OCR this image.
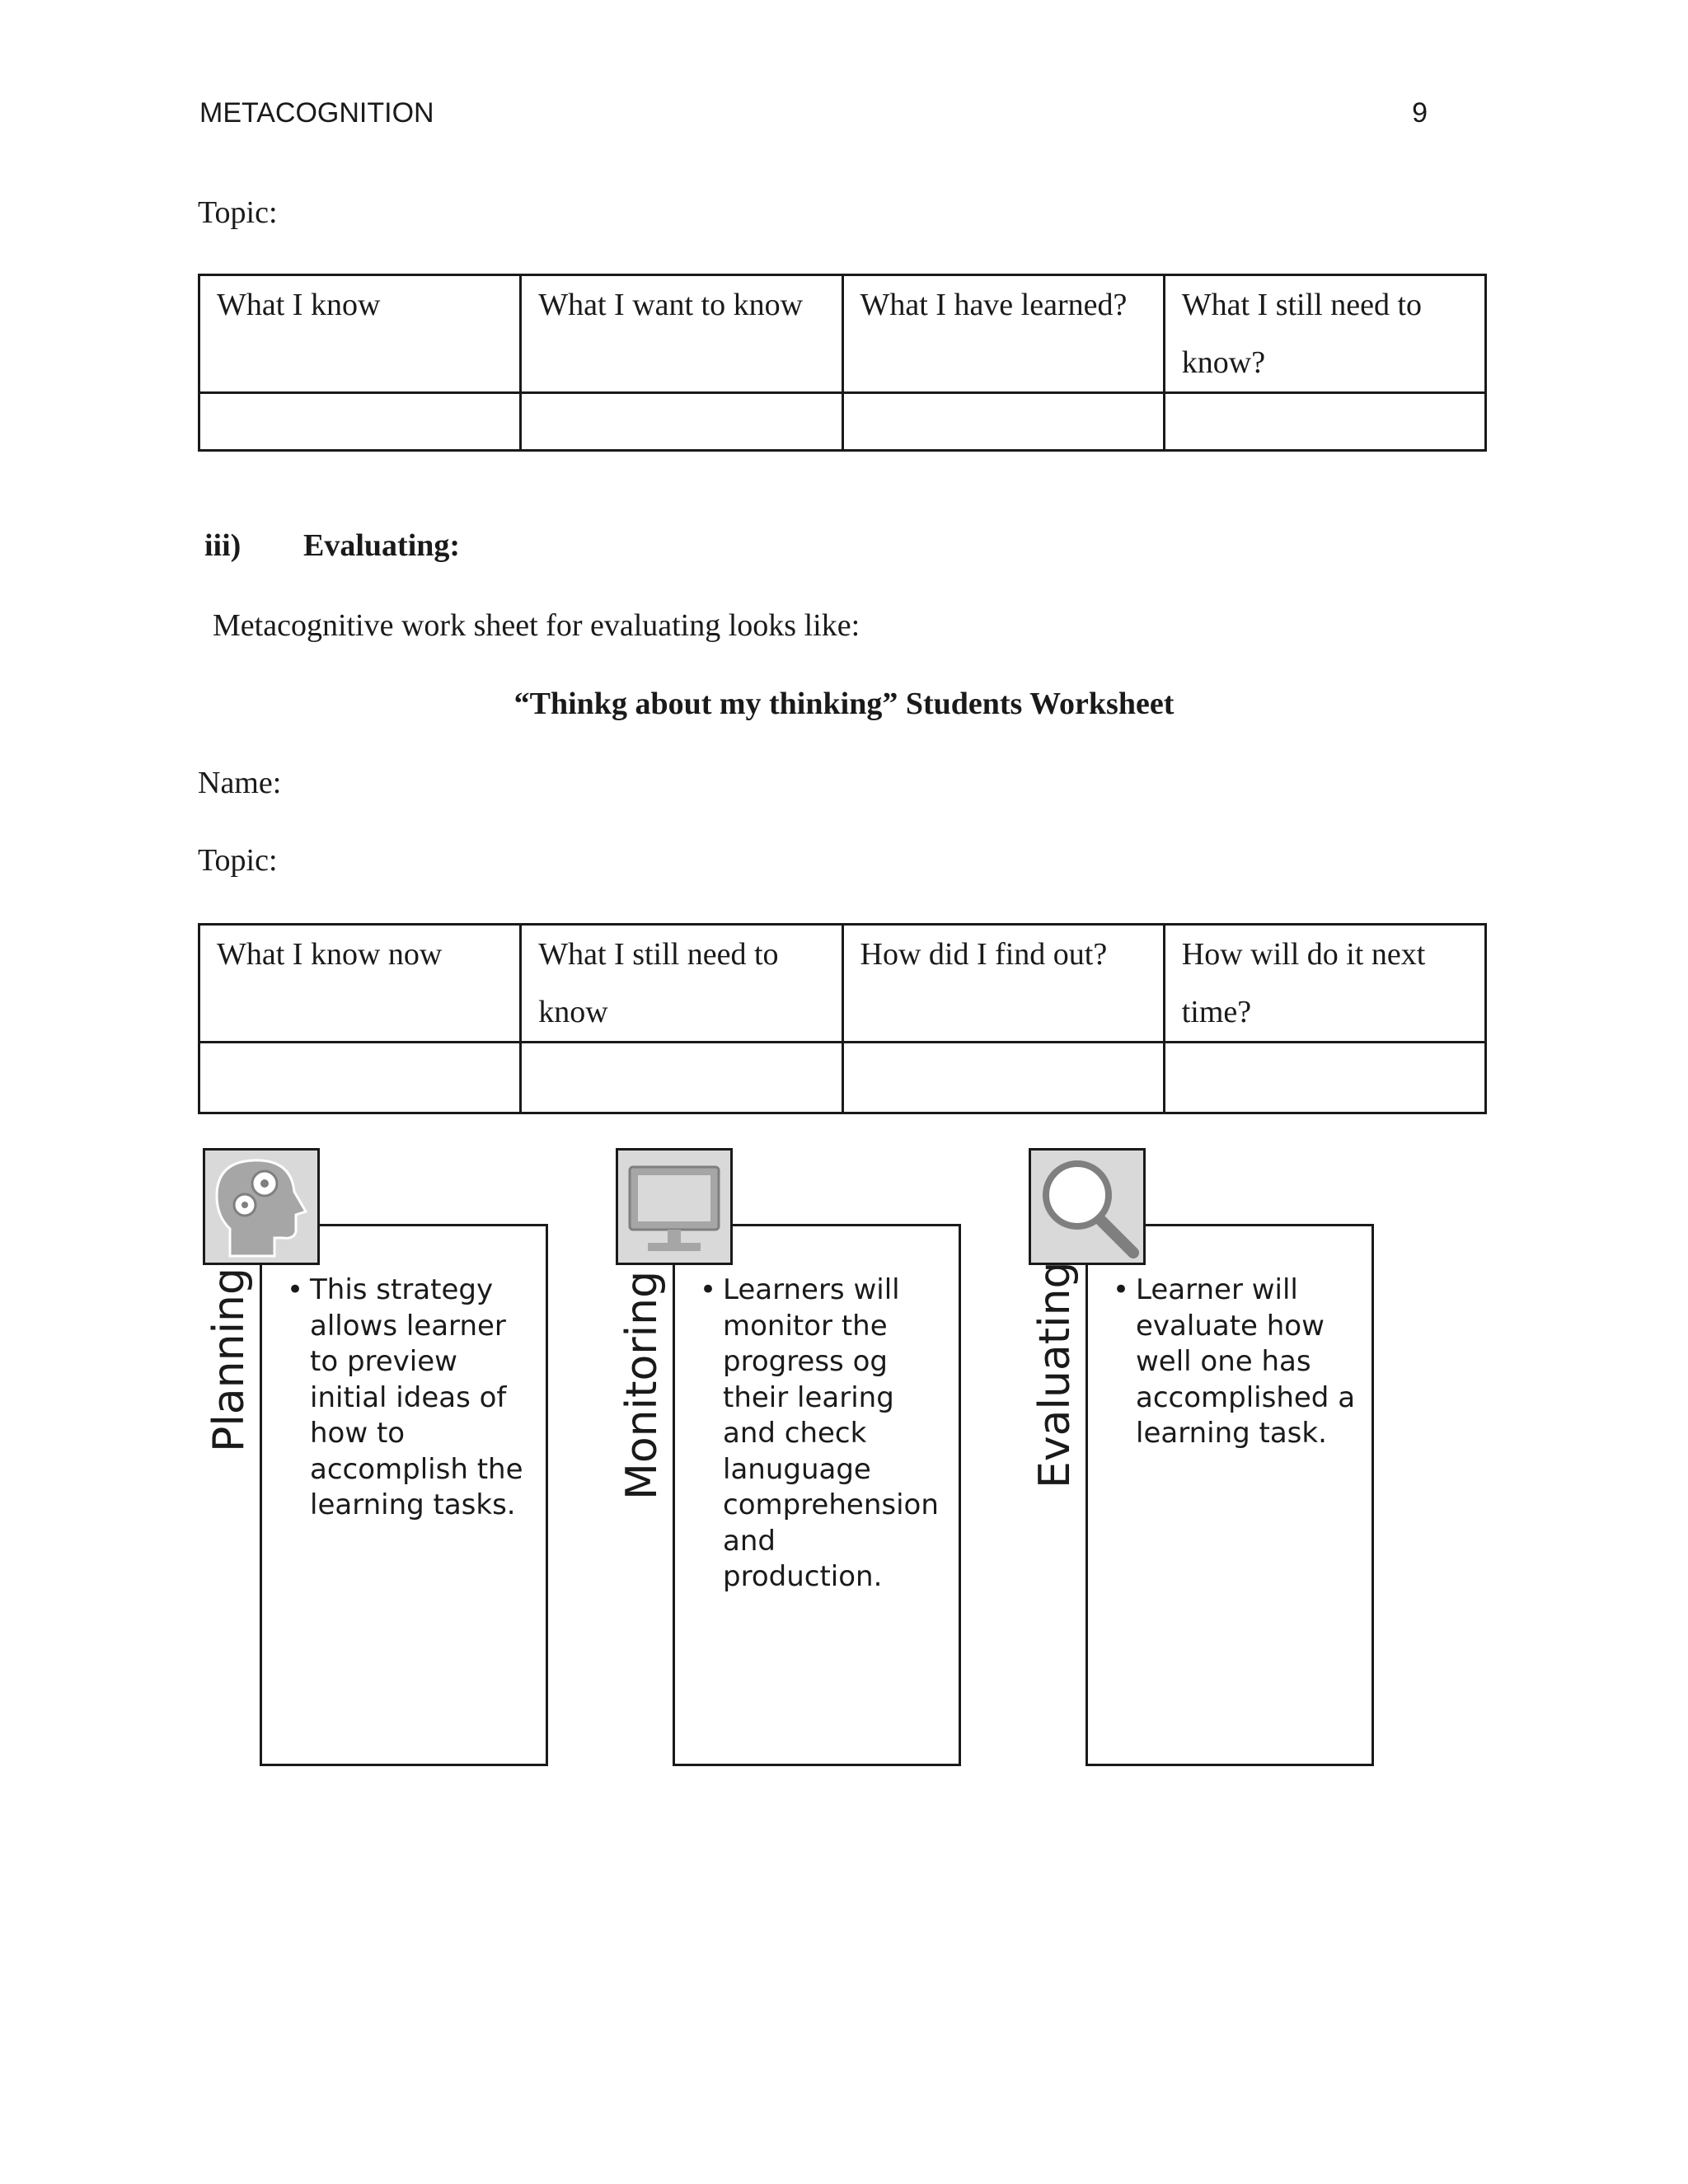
METACOGNITION	9
Topic:
What I know	What I want to know	What I have learned?	What I still need to
know?

iii) Evaluating:
Metacognitive work sheet for evaluating looks like:
“Thinkg about my thinking” Students Worksheet
Name:
Topic:
What I know now	What I still need to
know	How did I find out?	How will do it next
time?

Planning • This strategy
allows learner
to preview
initial ideas of
how to
accomplish the
learning tasks.
Monitoring • Learners will
monitor the
progress og
their learing
and check
lanuguage
comprehension
and
production.
Evaluating • Learner will
evaluate how
well one has
accomplished a
learning task.
